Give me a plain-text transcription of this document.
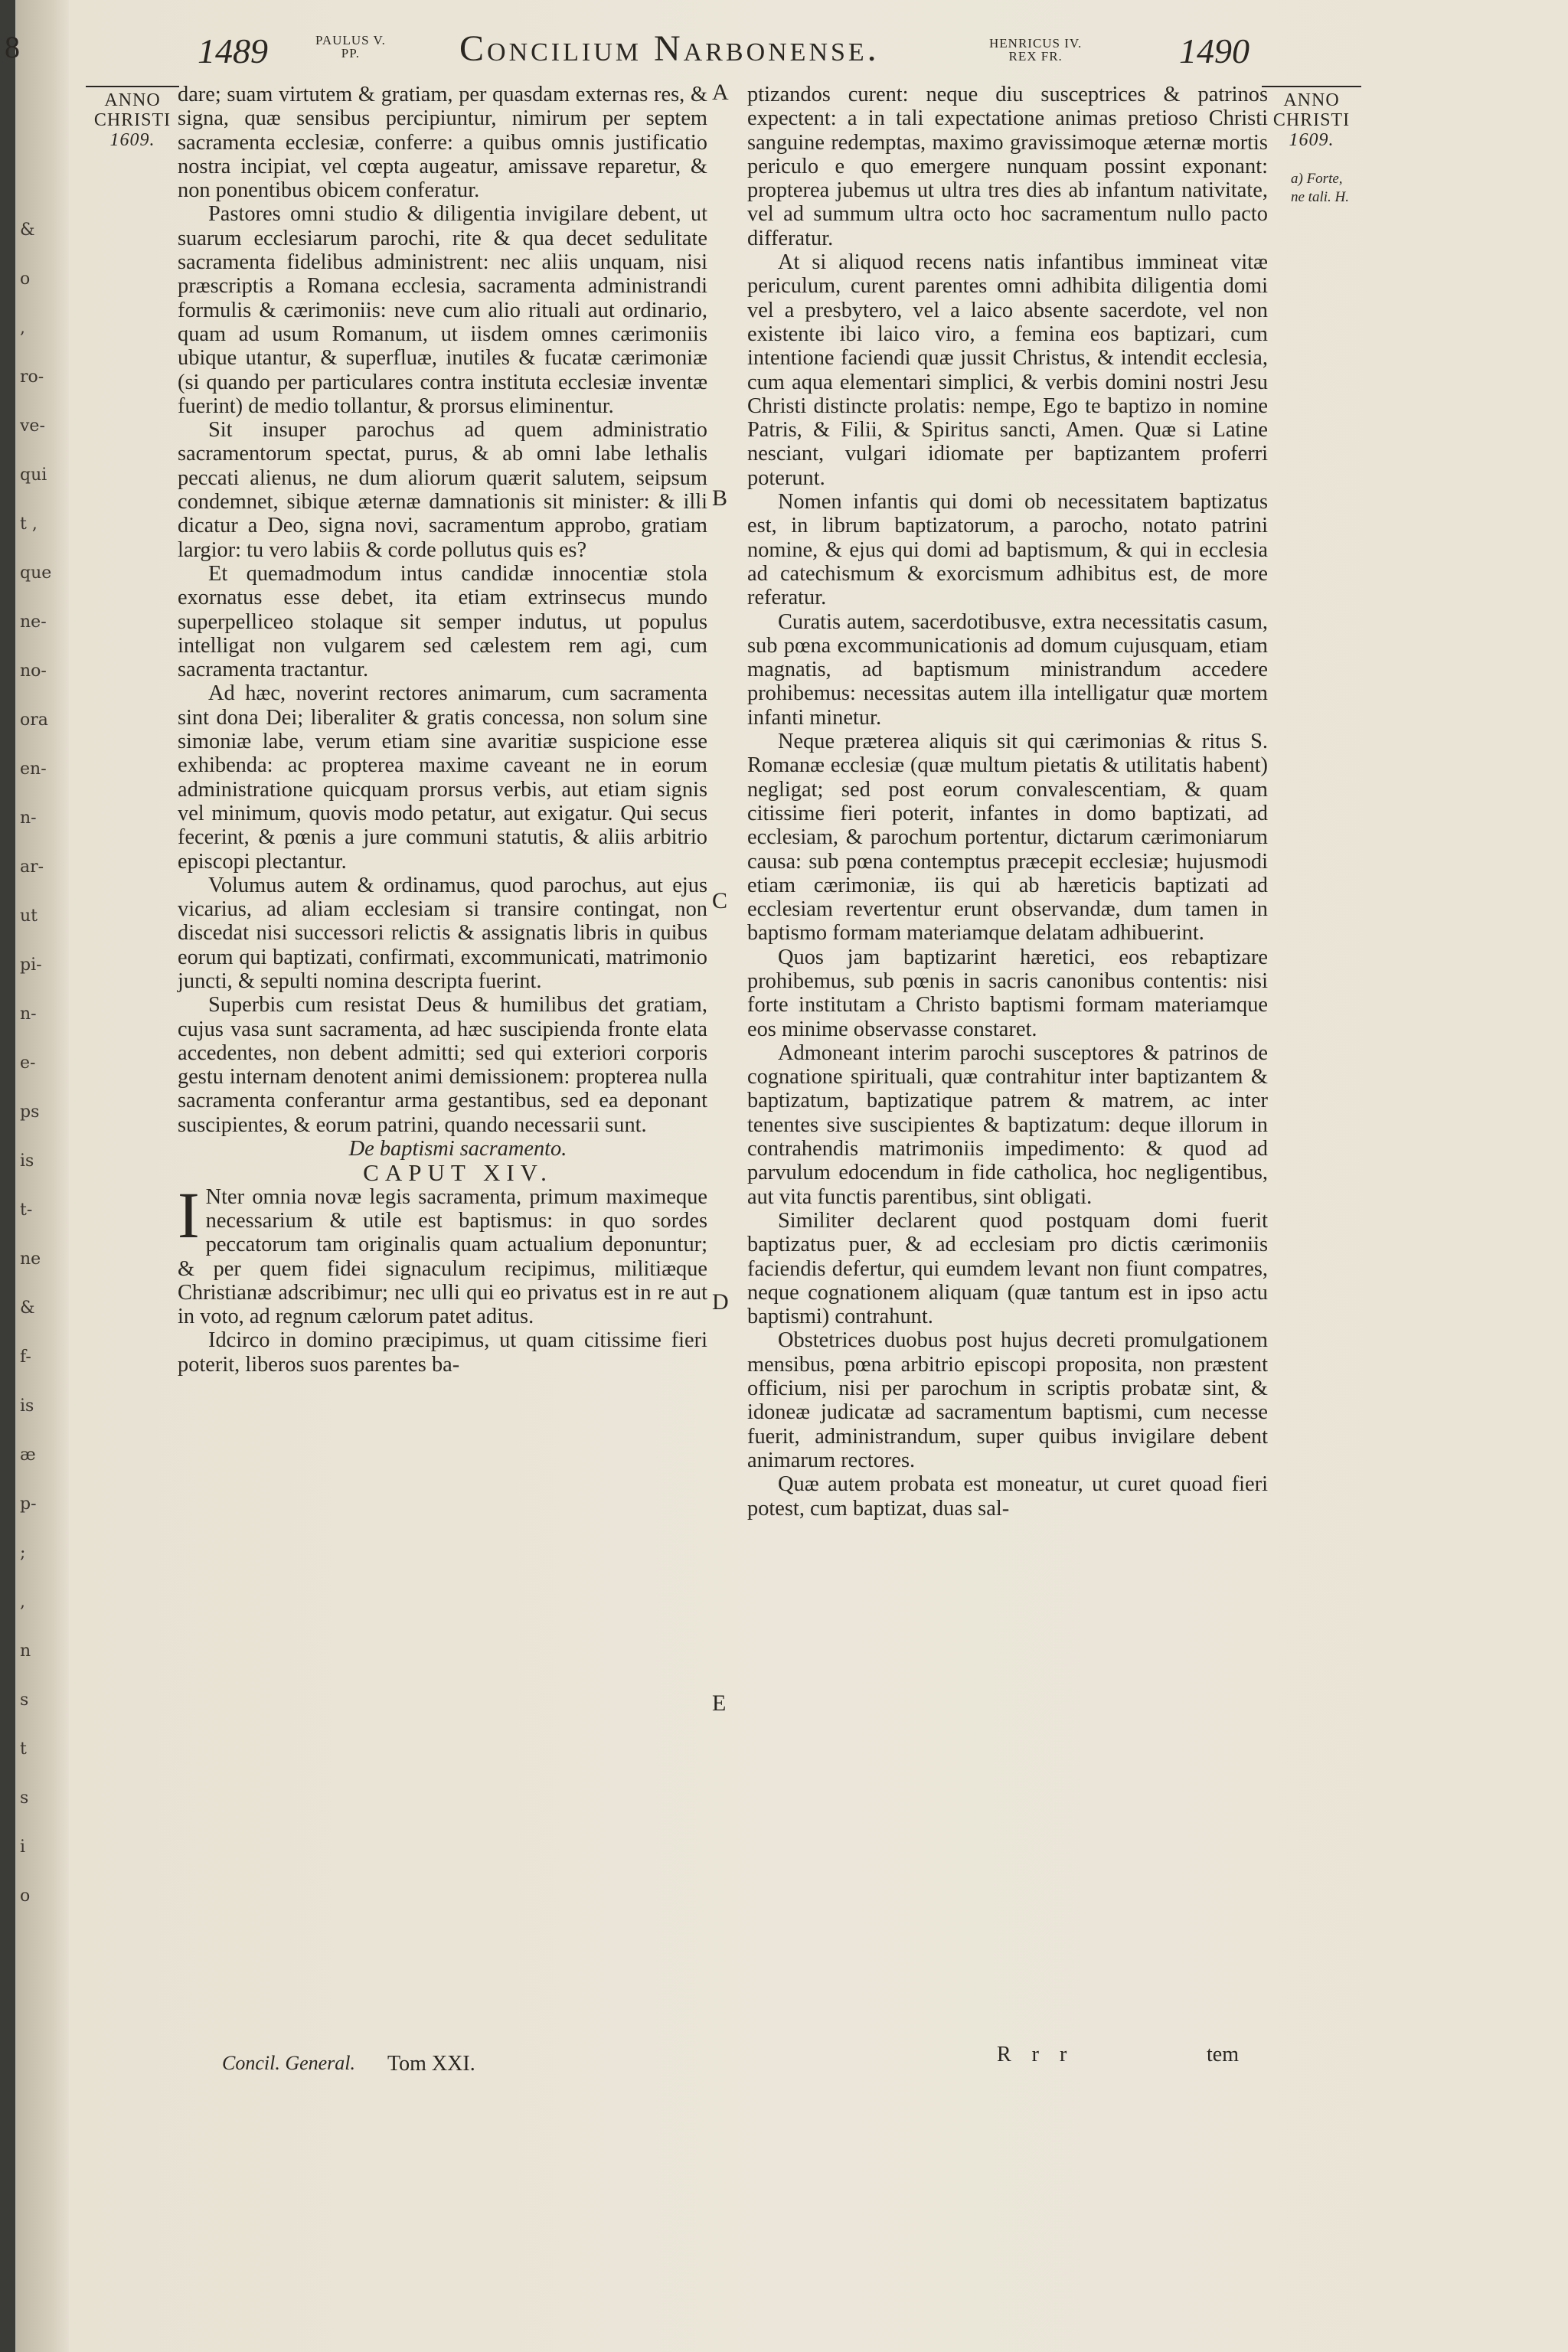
&
o
,
ro-
ve-
qui
t ,
que
ne-
no-
ora
en-
n-
ar-
ut
pi-
n-
e-
ps
is
t-
ne
&
f-
is
æ
p-
;
,
n
s
t
s
i
o
8	1489	PAULUS V.
PP.	Concilium Narbonense.	HENRICUS IV.
REX FR.	1490
ANNO
CHRISTI
1609.
ANNO
CHRISTI
1609.
a) Forte,
ne tali. H.

dare; suam virtutem & gratiam, per quasdam externas res, & signa, quæ sensibus percipiuntur, nimirum per septem sacramenta ecclesiæ, conferre: a quibus omnis justificatio nostra incipiat, vel cœpta augeatur, amissave reparetur, & non ponentibus obicem conferatur.

Pastores omni studio & diligentia invigilare debent, ut suarum ecclesiarum parochi, rite & qua decet sedulitate sacramenta fidelibus administrent: nec aliis unquam, nisi præscriptis a Romana ecclesia, sacramenta administrandi formulis & cærimoniis: neve cum alio rituali aut ordinario, quam ad usum Romanum, ut iisdem omnes cærimoniis ubique utantur, & superfluæ, inutiles & fucatæ cærimoniæ (si quando per particulares contra instituta ecclesiæ inventæ fuerint) de medio tollantur, & prorsus eliminentur.

Sit insuper parochus ad quem administratio sacramentorum spectat, purus, & ab omni labe lethalis peccati alienus, ne dum aliorum quærit salutem, seipsum condemnet, sibique æternæ damnationis sit minister: & illi dicatur a Deo, signa novi, sacramentum approbo, gratiam largior: tu vero labiis & corde pollutus quis es?

Et quemadmodum intus candidæ innocentiæ stola exornatus esse debet, ita etiam extrinsecus mundo superpelliceo stolaque sit semper indutus, ut populus intelligat non vulgarem sed cælestem rem agi, cum sacramenta tractantur.

Ad hæc, noverint rectores animarum, cum sacramenta sint dona Dei; liberaliter & gratis concessa, non solum sine simoniæ labe, verum etiam sine avaritiæ suspicione esse exhibenda: ac propterea maxime caveant ne in eorum administratione quicquam prorsus verbis, aut etiam signis vel minimum, quovis modo petatur, aut exigatur. Qui secus fecerint, & pœnis a jure communi statutis, & aliis arbitrio episcopi plectantur.

Volumus autem & ordinamus, quod parochus, aut ejus vicarius, ad aliam ecclesiam si transire contingat, non discedat nisi successori relictis & assignatis libris in quibus eorum qui baptizati, confirmati, excommunicati, matrimonio juncti, & sepulti nomina descripta fuerint.

Superbis cum resistat Deus & humilibus det gratiam, cujus vasa sunt sacramenta, ad hæc suscipienda fronte elata accedentes, non debent admitti; sed qui exteriori corporis gestu internam denotent animi demissionem: propterea nulla sacramenta conferantur arma gestantibus, sed ea deponant suscipientes, & eorum patrini, quando necessarii sunt.

De baptismi sacramento.

CAPUT XIV.

I Nter omnia novæ legis sacramenta, primum maximeque necessarium & utile est baptismus: in quo sordes peccatorum tam originalis quam actualium deponuntur; & per quem fidei signaculum recipimus, militiæque Christianæ adscribimur; nec ulli qui eo privatus est in re aut in voto, ad regnum cælorum patet aditus.

Idcirco in domino præcipimus, ut quam citissime fieri poterit, liberos suos parentes ba-

A
B
C
D
E

ptizandos curent: neque diu susceptrices & patrinos expectent: a in tali expectatione animas pretioso Christi sanguine redemptas, maximo gravissimoque æternæ mortis periculo e quo emergere nunquam possint exponant: propterea jubemus ut ultra tres dies ab infantum nativitate, vel ad summum ultra octo hoc sacramentum nullo pacto differatur.

At si aliquod recens natis infantibus immineat vitæ periculum, curent parentes omni adhibita diligentia domi vel a presbytero, vel a laico absente sacerdote, vel non existente ibi laico viro, a femina eos baptizari, cum intentione faciendi quæ jussit Christus, & intendit ecclesia, cum aqua elementari simplici, & verbis domini nostri Jesu Christi distincte prolatis: nempe, Ego te baptizo in nomine Patris, & Filii, & Spiritus sancti, Amen. Quæ si Latine nesciant, vulgari idiomate per baptizantem proferri poterunt.

Nomen infantis qui domi ob necessitatem baptizatus est, in librum baptizatorum, a parocho, notato patrini nomine, & ejus qui domi ad baptismum, & qui in ecclesia ad catechismum & exorcismum adhibitus est, de more referatur.

Curatis autem, sacerdotibusve, extra necessitatis casum, sub pœna excommunicationis ad domum cujusquam, etiam magnatis, ad baptismum ministrandum accedere prohibemus: necessitas autem illa intelligatur quæ mortem infanti minetur.

Neque præterea aliquis sit qui cærimonias & ritus S. Romanæ ecclesiæ (quæ multum pietatis & utilitatis habent) negligat; sed post eorum convalescentiam, & quam citissime fieri poterit, infantes in domo baptizati, ad ecclesiam, & parochum portentur, dictarum cærimoniarum causa: sub pœna contemptus præcepit ecclesiæ; hujusmodi etiam cærimoniæ, iis qui ab hæreticis baptizati ad ecclesiam revertentur erunt observandæ, dum tamen in baptismo formam materiamque delatam adhibuerint.

Quos jam baptizarint hæretici, eos rebaptizare prohibemus, sub pœnis in sacris canonibus contentis: nisi forte institutam a Christo baptismi formam materiamque eos minime observasse constaret.

Admoneant interim parochi susceptores & patrinos de cognatione spirituali, quæ contrahitur inter baptizantem & baptizatum, baptizatique patrem & matrem, ac inter tenentes sive suscipientes & baptizatum: deque illorum in contrahendis matrimoniis impedimento: & quod ad parvulum edocendum in fide catholica, hoc negligentibus, aut vita functis parentibus, sint obligati.

Similiter declarent quod postquam domi fuerit baptizatus puer, & ad ecclesiam pro dictis cærimoniis faciendis defertur, qui eumdem levant non fiunt compatres, neque cognationem aliquam (quæ tantum est in ipso actu baptismi) contrahunt.

Obstetrices duobus post hujus decreti promulgationem mensibus, pœna arbitrio episcopi proposita, non præstent officium, nisi per parochum in scriptis probatæ sint, & idoneæ judicatæ ad sacramentum baptismi, cum necesse fuerit, administrandum, super quibus invigilare debent animarum rectores.

Quæ autem probata est moneatur, ut curet quoad fieri potest, cum baptizat, duas sal-

Concil. General. Tom XXI.	R r r	tem
